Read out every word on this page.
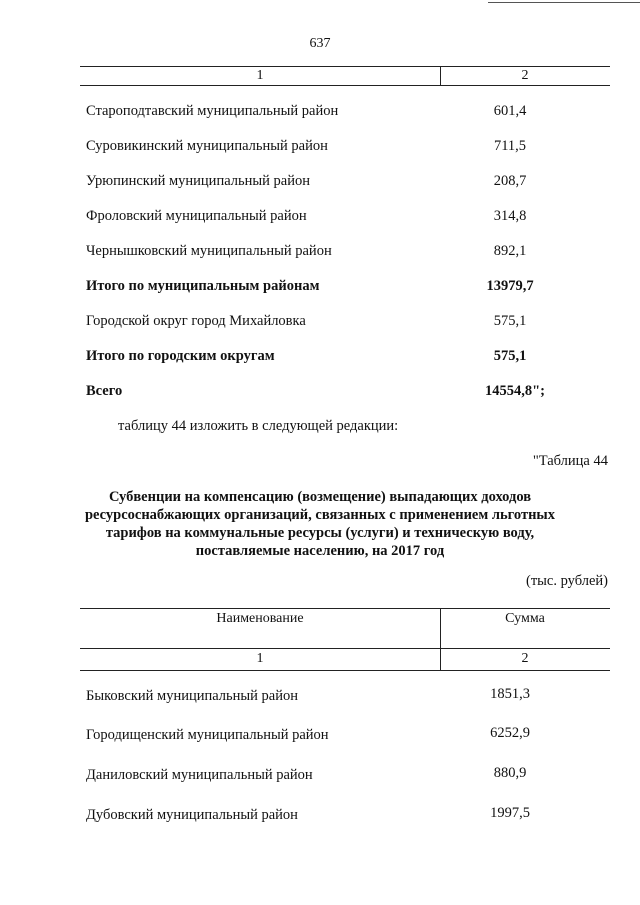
637
1	2
Староподтавский муниципальный район	601,4
Суровикинский муниципальный район	711,5
Урюпинский муниципальный район	208,7
Фроловский муниципальный район	314,8
Чернышковский муниципальный район	892,1
Итого по муниципальным районам	13979,7
Городской округ город Михайловка	575,1
Итого по городским округам	575,1
Всего	14554,8";
таблицу 44 изложить в следующей редакции:
"Таблица 44
Субвенции на компенсацию (возмещение) выпадающих доходов ресурсоснабжающих организаций, связанных с применением льготных тарифов на коммунальные ресурсы (услуги) и техническую воду, поставляемые населению, на 2017 год
(тыс. рублей)
Наименование	Сумма
1	2
Быковский муниципальный район	1851,3
Городищенский муниципальный район	6252,9
Даниловский муниципальный район	880,9
Дубовский муниципальный район	1997,5
